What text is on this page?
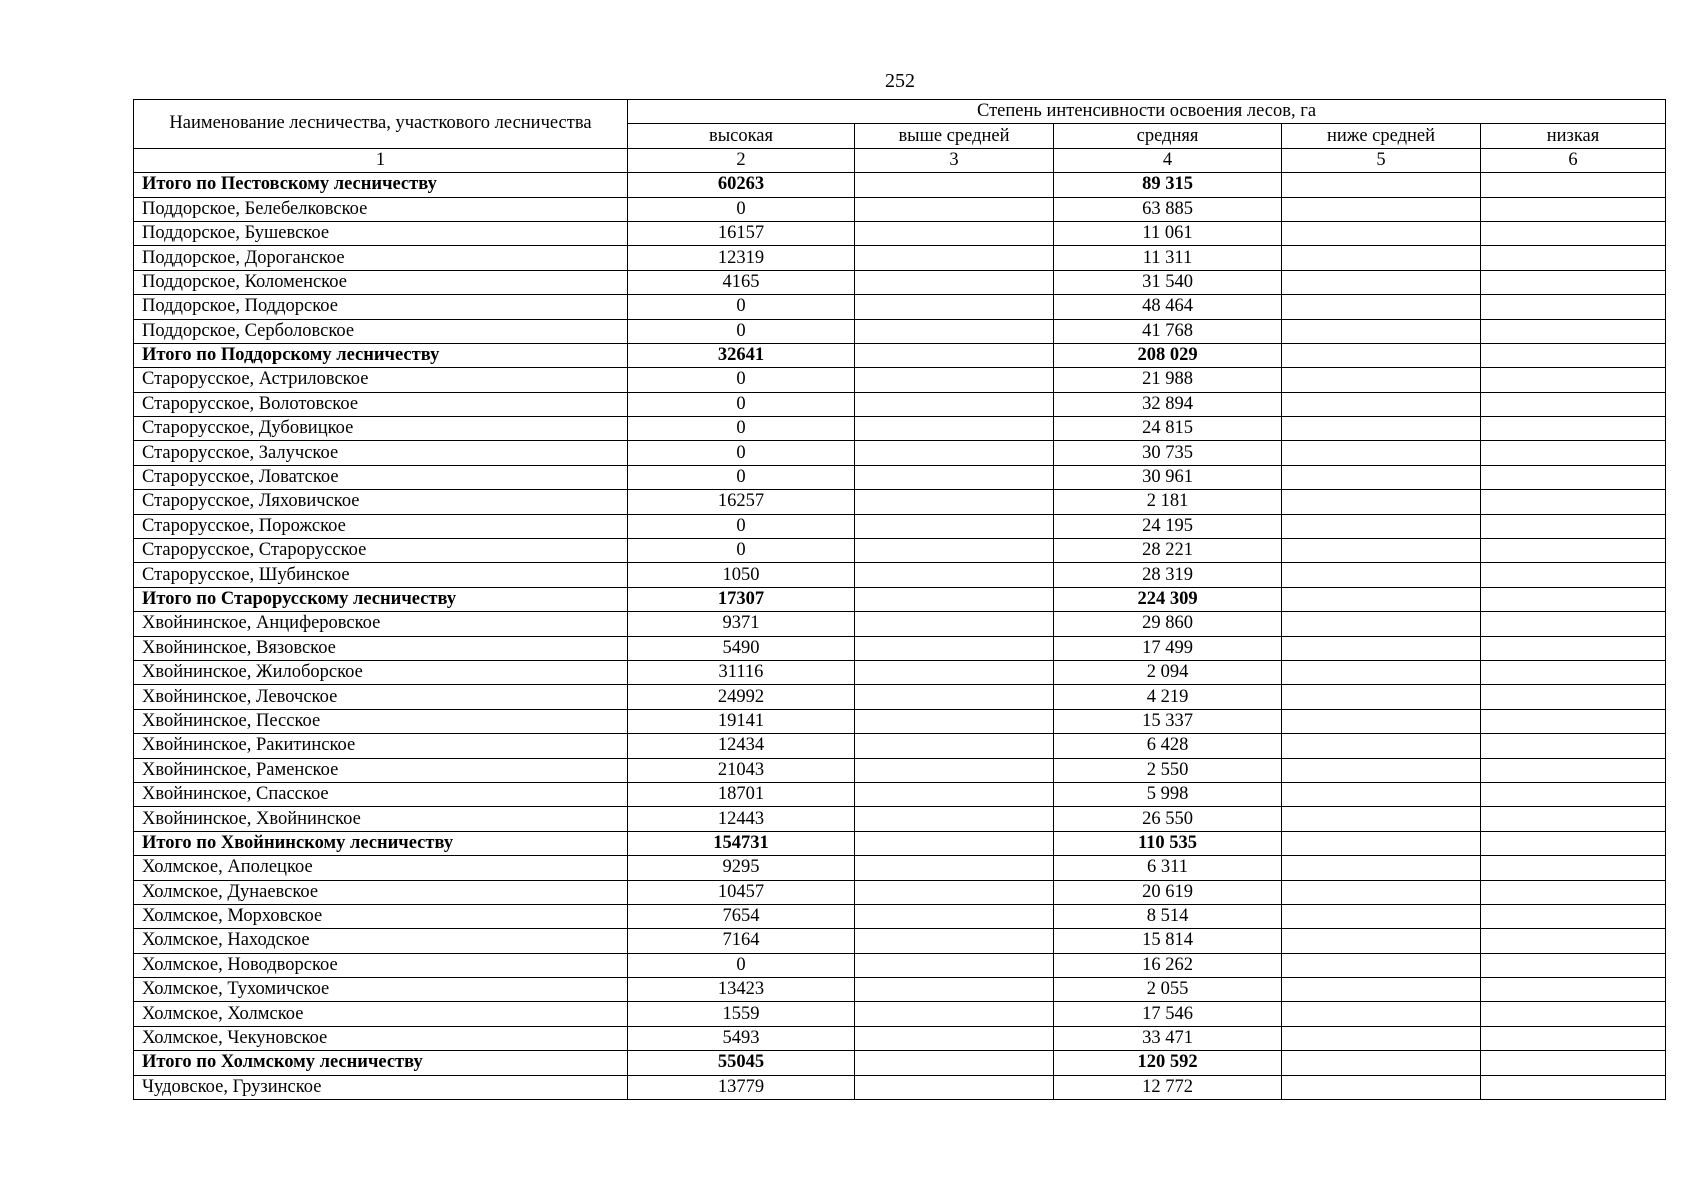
252
Наименование лесничества, участкового лесничества	Степень интенсивности освоения лесов, га				
	высокая	выше средней	средняя	ниже средней	низкая
1	2	3	4	5	6
Итого по Пестовскому лесничеству	60263		89 315		
Поддорское, Белебелковское	0		63 885		
Поддорское, Бушевское	16157		11 061		
Поддорское, Дороганское	12319		11 311		
Поддорское, Коломенское	4165		31 540		
Поддорское, Поддорское	0		48 464		
Поддорское, Серболовское	0		41 768		
Итого по Поддорскому лесничеству	32641		208 029		
Старорусское, Астриловское	0		21 988		
Старорусское, Волотовское	0		32 894		
Старорусское, Дубовицкое	0		24 815		
Старорусское, Залучское	0		30 735		
Старорусское, Ловатское	0		30 961		
Старорусское, Ляховичское	16257		2 181		
Старорусское, Порожское	0		24 195		
Старорусское, Старорусское	0		28 221		
Старорусское, Шубинское	1050		28 319		
Итого по Старорусскому лесничеству	17307		224 309		
Хвойнинское, Анциферовское	9371		29 860		
Хвойнинское, Вязовское	5490		17 499		
Хвойнинское, Жилоборское	31116		2 094		
Хвойнинское, Левочское	24992		4 219		
Хвойнинское, Песское	19141		15 337		
Хвойнинское, Ракитинское	12434		6 428		
Хвойнинское, Раменское	21043		2 550		
Хвойнинское, Спасское	18701		5 998		
Хвойнинское, Хвойнинское	12443		26 550		
Итого по Хвойнинскому лесничеству	154731		110 535		
Холмское, Аполецкое	9295		6 311		
Холмское, Дунаевское	10457		20 619		
Холмское, Морховское	7654		8 514		
Холмское, Находское	7164		15 814		
Холмское, Новодворское	0		16 262		
Холмское, Тухомичское	13423		2 055		
Холмское, Холмское	1559		17 546		
Холмское, Чекуновское	5493		33 471		
Итого по Холмскому лесничеству	55045		120 592		
Чудовское, Грузинское	13779		12 772		
